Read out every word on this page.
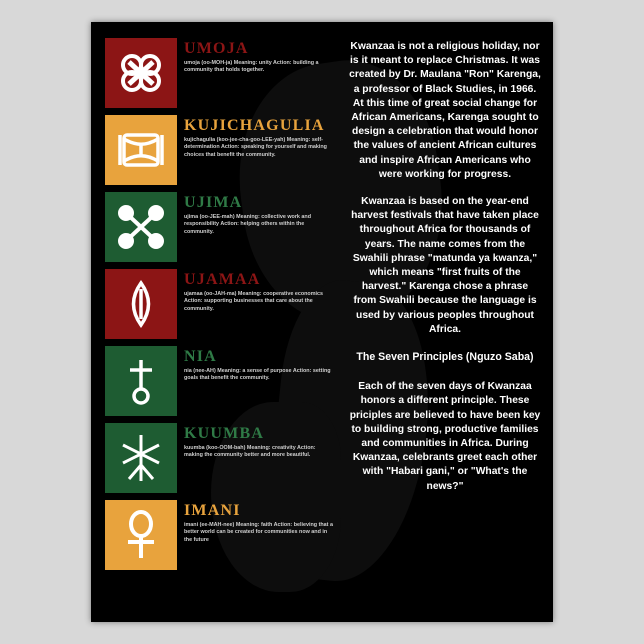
UMOJA
umoja (oo-MOH-ja) Meaning: unity Action: building a community that holds together.
KUJICHAGULIA
kujichagulia (koo-jee-cha-goo-LEE-yah) Meaning: self-determination Action: speaking for yourself and making choices that benefit the community.
UJIMA
ujima (oo-JEE-mah) Meaning: collective work and responsibility Action: helping others within the community.
UJAMAA
ujamaa (oo-JAH-ma) Meaning: cooperative economics Action: supporting businesses that care about the community.
NIA
nia (nee-AH) Meaning: a sense of purpose Action: setting goals that benefit the community.
KUUMBA
kuumba (koo-OOM-bah) Meaning: creativity Action: making the community better and more beautiful.
IMANI
imani (ee-MAH-nee) Meaning: faith Action: believing that a better world can be created for communities now and in the future
Kwanzaa is not a religious holiday, nor is it meant to replace Christmas. It was created by Dr. Maulana "Ron" Karenga, a professor of Black Studies, in 1966. At this time of great social change for African Americans, Karenga sought to design a celebration that would honor the values of ancient African cultures and inspire African Americans who were working for progress.
Kwanzaa is based on the year-end harvest festivals that have taken place throughout Africa for thousands of years. The name comes from the Swahili phrase "matunda ya kwanza," which means "first fruits of the harvest." Karenga chose a phrase from Swahili because the language is used by various peoples throughout Africa.
The Seven Principles (Nguzo Saba)
Each of the seven days of Kwanzaa honors a different principle. These priciples are believed to have been key to building strong, productive families and communities in Africa. During Kwanzaa, celebrants greet each other with "Habari gani," or "What's the news?"
